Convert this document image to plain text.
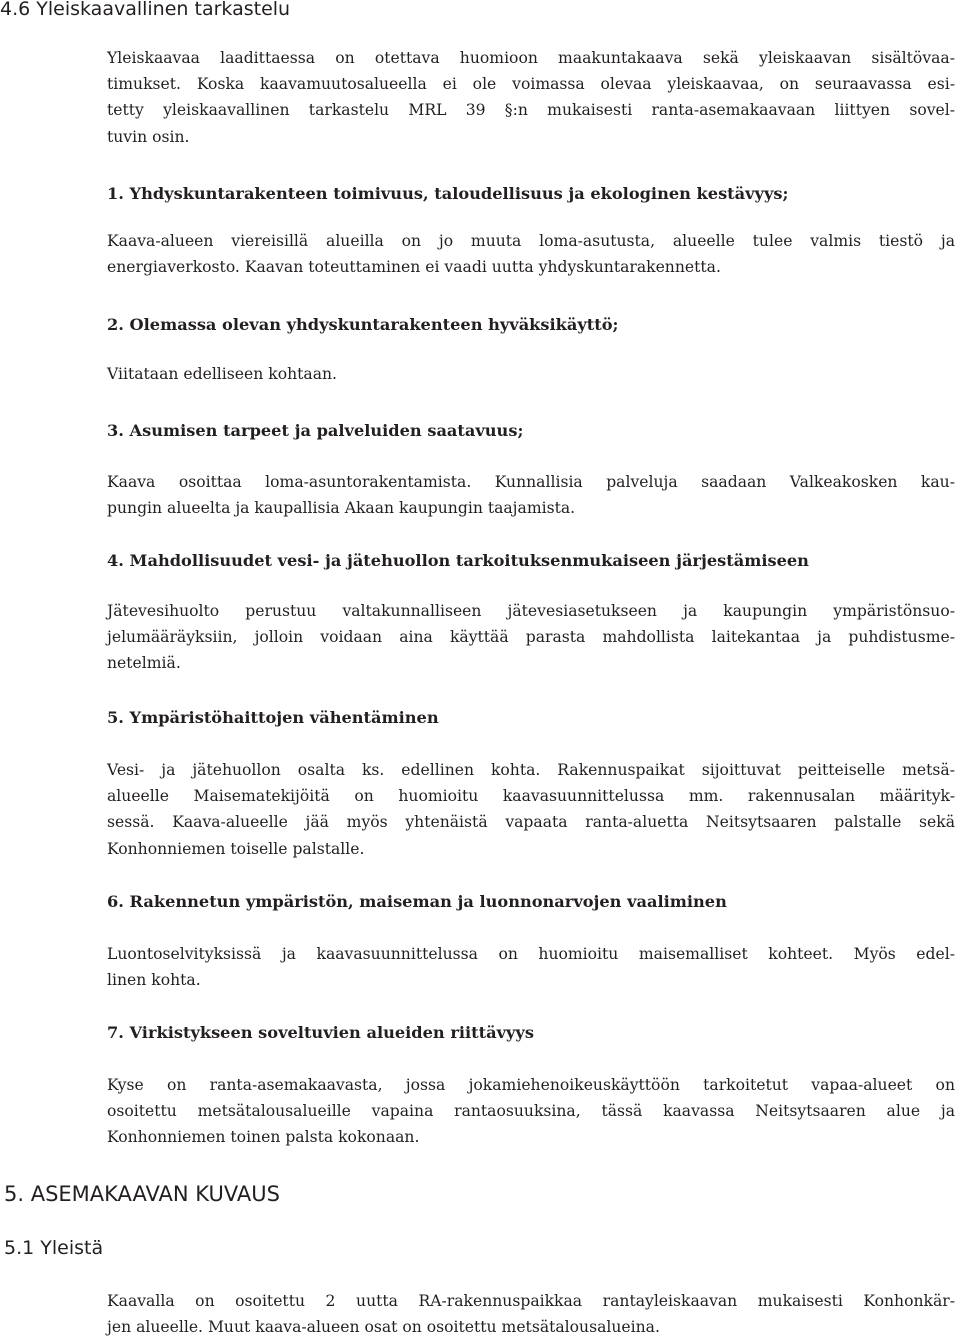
4.6 Yleiskaavallinen tarkastelu
Yleiskaavaa laadittaessa on otettava huomioon maakuntakaava sekä yleiskaavan sisältövaa-
timukset. Koska kaavamuutosalueella ei ole voimassa olevaa yleiskaavaa, on seuraavassa esi-
tetty yleiskaavallinen tarkastelu MRL 39 §:n mukaisesti ranta-asemakaavaan liittyen sovel-
tuvin osin.
1. Yhdyskuntarakenteen toimivuus, taloudellisuus ja ekologinen kestävyys;
Kaava-alueen viereisillä alueilla on jo muuta loma-asutusta, alueelle tulee valmis tiestö ja
energiaverkosto. Kaavan toteuttaminen ei vaadi uutta yhdyskuntarakennetta.
2. Olemassa olevan yhdyskuntarakenteen hyväksikäyttö;
Viitataan edelliseen kohtaan.
3. Asumisen tarpeet ja palveluiden saatavuus;
Kaava osoittaa loma-asuntorakentamista. Kunnallisia palveluja saadaan Valkeakosken kau-
pungin alueelta ja kaupallisia Akaan kaupungin taajamista.
4. Mahdollisuudet vesi- ja jätehuollon tarkoituksenmukaiseen järjestämiseen
Jätevesihuolto perustuu valtakunnalliseen jätevesiasetukseen ja kaupungin ympäristönsuo-
jelumääräyksiin, jolloin voidaan aina käyttää parasta mahdollista laitekantaa ja puhdistusme-
netelmiä.
5. Ympäristöhaittojen vähentäminen
Vesi- ja jätehuollon osalta ks. edellinen kohta. Rakennuspaikat sijoittuvat peitteiselle metsä-
alueelle Maisematekijöitä on huomioitu kaavasuunnittelussa mm. rakennusalan määrityk-
sessä. Kaava-alueelle jää myös yhtenäistä vapaata ranta-aluetta Neitsytsaaren palstalle sekä
Konhonniemen toiselle palstalle.
6. Rakennetun ympäristön, maiseman ja luonnonarvojen vaaliminen
Luontoselvityksissä ja kaavasuunnittelussa on huomioitu maisemalliset kohteet. Myös edel-
linen kohta.
7. Virkistykseen soveltuvien alueiden riittävyys
Kyse on ranta-asemakaavasta, jossa jokamiehenoikeuskäyttöön tarkoitetut vapaa-alueet on
osoitettu metsätalousalueille vapaina rantaosuuksina, tässä kaavassa Neitsytsaaren alue ja
Konhonniemen toinen palsta kokonaan.
5. ASEMAKAAVAN KUVAUS
5.1 Yleistä
Kaavalla on osoitettu 2 uutta RA-rakennuspaikkaa rantayleiskaavan mukaisesti Konhonkär-
jen alueelle. Muut kaava-alueen osat on osoitettu metsätalousalueina.
